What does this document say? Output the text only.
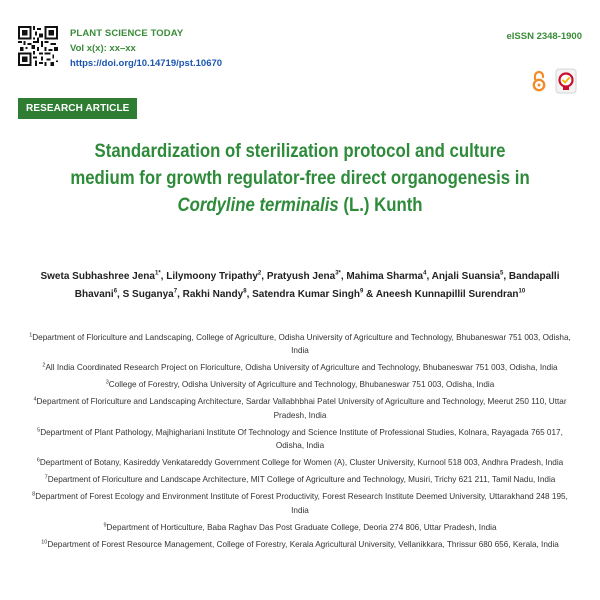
PLANT SCIENCE TODAY
Vol x(x): xx–xx
https://doi.org/10.14719/pst.10670
eISSN 2348-1900
RESEARCH ARTICLE
Standardization of sterilization protocol and culture medium for growth regulator-free direct organogenesis in Cordyline terminalis (L.) Kunth
Sweta Subhashree Jena$^{1*}$, Lilymoony Tripathy$^2$, Pratyush Jena$^{3*}$, Mahima Sharma$^4$, Anjali Suansia$^5$, Bandapalli Bhavani$^6$, S Suganya$^7$, Rakhi Nandy$^8$, Satendra Kumar Singh$^9$ & Aneesh Kunnapillil Surendran$^{10}$

$^1$Department of Floriculture and Landscaping, College of Agriculture, Odisha University of Agriculture and Technology, Bhubaneswar 751 003, Odisha, India

$^2$All India Coordinated Research Project on Floriculture, Odisha University of Agriculture and Technology, Bhubaneswar 751 003, Odisha, India

$^3$College of Forestry, Odisha University of Agriculture and Technology, Bhubaneswar 751 003, Odisha, India

$^4$Department of Floriculture and Landscaping Architecture, Sardar Vallabhbhai Patel University of Agriculture and Technology, Meerut 250 110, Uttar Pradesh, India

$^5$Department of Plant Pathology, Majhighariani Institute Of Technology and Science Institute of Professional Studies, Kolnara, Rayagada 765 017, Odisha, India

$^6$Department of Botany, Kasireddy Venkatareddy Government College for Women (A), Cluster University, Kurnool 518 003, Andhra Pradesh, India

$^7$Department of Floriculture and Landscape Architecture, MIT College of Agriculture and Technology, Musiri, Trichy 621 211, Tamil Nadu, India

$^8$Department of Forest Ecology and Environment Institute of Forest Productivity, Forest Research Institute Deemed University, Uttarakhand 248 195, India

$^9$Department of Horticulture, Baba Raghav Das Post Graduate College, Deoria 274 806, Uttar Pradesh, India

$^{10}$Department of Forest Resource Management, College of Forestry, Kerala Agricultural University, Vellanikkara, Thrissur 680 656, Kerala, India
